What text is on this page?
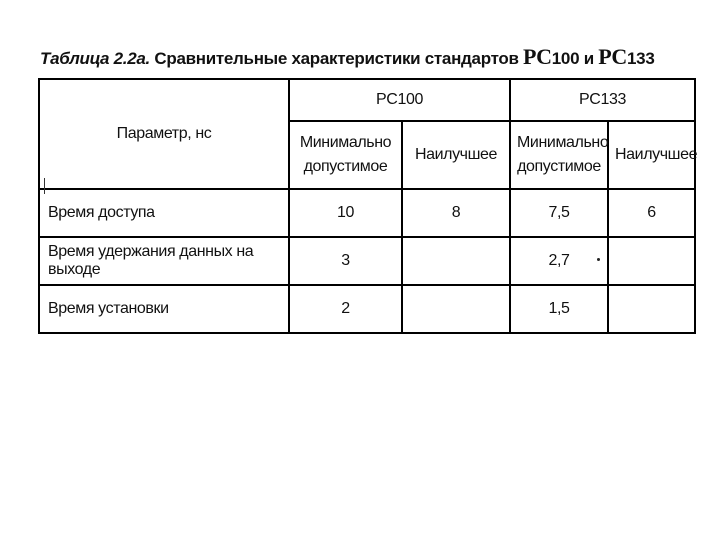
Таблица 2.2а. Сравнительные характеристики стандартов PC100 и PC133
Параметр, нс	PC100		PC133	
	Минимально допустимое	Наилучшее	Минимально допустимое	Наилучшее
Время доступа	10	8	7,5	6
Время удержания данных на выходе	3		2,7	
Время установки	2		1,5	
